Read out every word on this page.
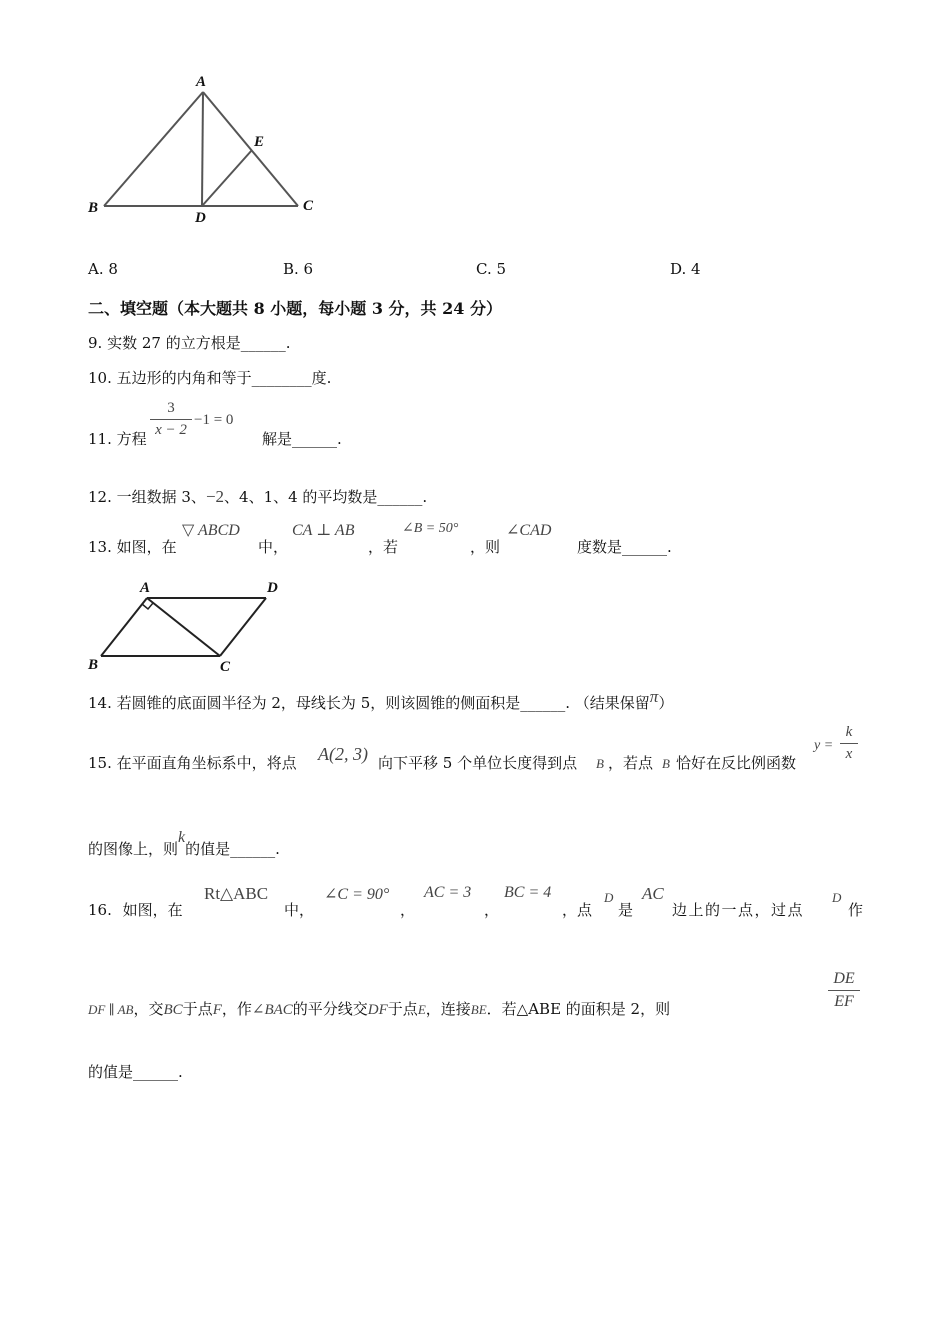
A
B	C
D
E
A. 8	B. 6	C. 5	D. 4
二、填空题（本大题共 8 小题，每小题 3 分，共 24 分）
9. 实数 27 的立方根是______.
10. 五边形的内角和等于________度.
11. 方程
3
x − 2
−1 = 0
解是______.
12. 一组数据 3、−2、4、1、4 的平均数是______.
13. 如图，在
▽ ABCD
中，
CA ⊥ AB
，若
∠B = 50°
，则
∠CAD
度数是______.
A	D
B	C
14. 若圆锥的底面圆半径为 2，母线长为 5，则该圆锥的侧面积是______. （结果保留π）
15. 在平面直角坐标系中，将点 A(2, 3) 向下平移 5 个单位长度得到点 B ，若点 B 恰好在反比例函数
y =
k
x
的图像上，则k的值是______.
16. 如图，在
Rt△ABC
中，
∠C = 90°
，
AC = 3
，
BC = 4
，点
D
是
AC
边上的一点，过点
D
作
DF ∥ AB，交BC于点F，作∠BAC的平分线交DF于点E，连接BE．若△ABE 的面积是 2，则
DE
EF
的值是______.
